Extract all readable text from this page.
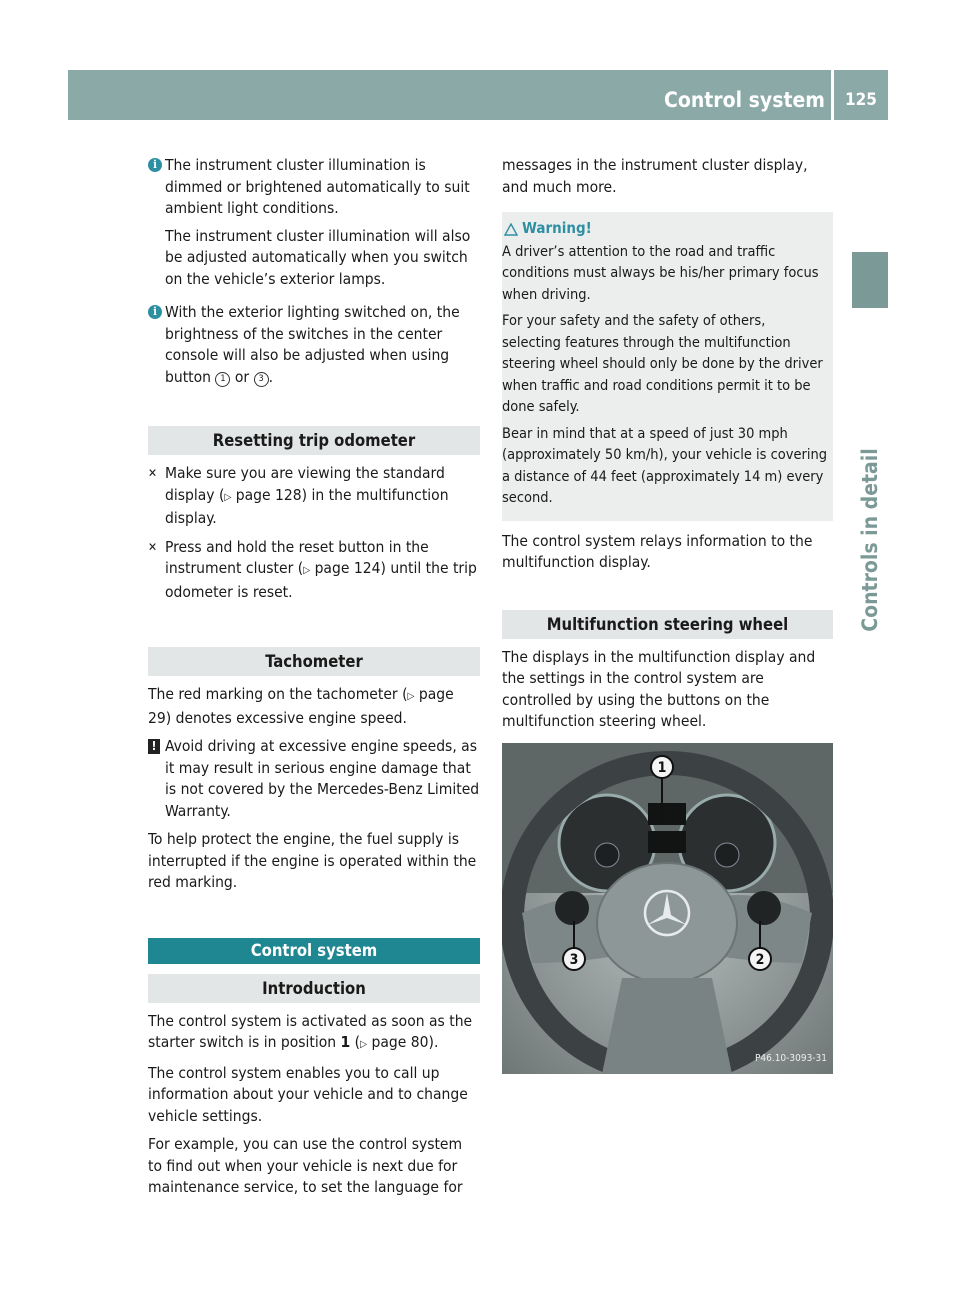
Control system 125
Controls in detail
i The instrument cluster illumination is dimmed or brightened automatically to suit ambient light conditions.

The instrument cluster illumination will also be adjusted automatically when you switch on the vehicle’s exterior lamps.

i With the exterior lighting switched on, the brightness of the switches in the center console will also be adjusted when using button 1 or 3 .

Resetting trip odometer
✕ Make sure you are viewing the standard display (▷ page 128) in the multifunction display.
✕ Press and hold the reset button in the instrument cluster (▷ page 124) until the trip odometer is reset.
Tachometer

The red marking on the tachometer (▷ page 29) denotes excessive engine speed.

! Avoid driving at excessive engine speeds, as it may result in serious engine damage that is not covered by the Mercedes-Benz Limited Warranty.

To help protect the engine, the fuel supply is interrupted if the engine is operated within the red marking.

Control system
Introduction

The control system is activated as soon as the starter switch is in position 1 (▷ page 80).

The control system enables you to call up information about your vehicle and to change vehicle settings.

For example, you can use the control system to find out when your vehicle is next due for maintenance service, to set the language for

messages in the instrument cluster display, and much more.

Warning!

A driver’s attention to the road and traffic conditions must always be his/her primary focus when driving.

For your safety and the safety of others, selecting features through the multifunction steering wheel should only be done by the driver when traffic and road conditions permit it to be done safely.

Bear in mind that at a speed of just 30 mph (approximately 50 km/h), your vehicle is covering a distance of 44 feet (approximately 14 m) every second.

The control system relays information to the multifunction display.

Multifunction steering wheel

The displays in the multifunction display and the settings in the control system are controlled by using the buttons on the multifunction steering wheel.

1
2
3
P46.10-3093-31
